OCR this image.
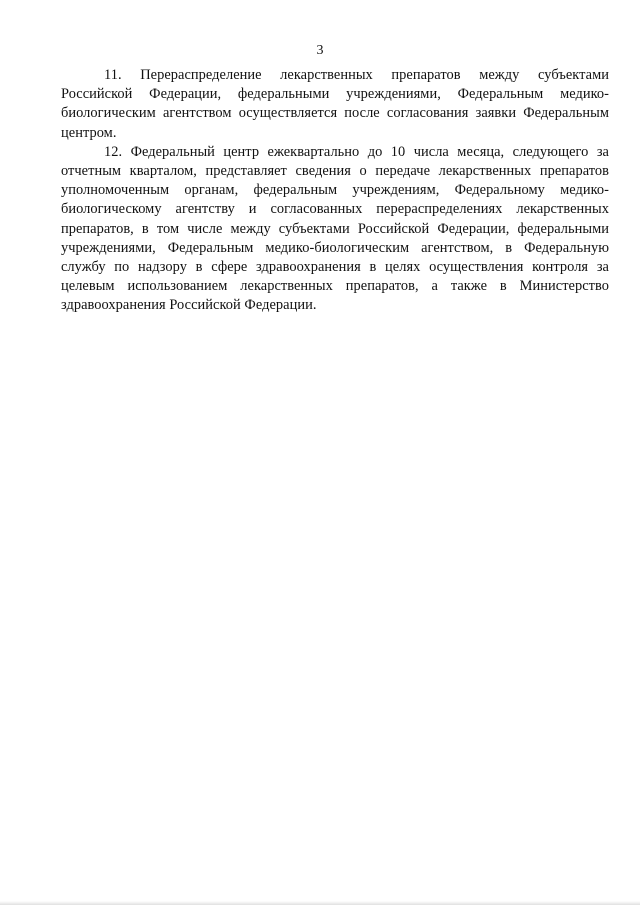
3

11. Перераспределение лекарственных препаратов между субъектами Российской Федерации, федеральными учреждениями, Федеральным медико-биологическим агентством осуществляется после согласования заявки Федеральным центром.

12. Федеральный центр ежеквартально до 10 числа месяца, следующего за отчетным кварталом, представляет сведения о передаче лекарственных препаратов уполномоченным органам, федеральным учреждениям, Федеральному медико-биологическому агентству и согласованных перераспределениях лекарственных препаратов, в том числе между субъектами Российской Федерации, федеральными учреждениями, Федеральным медико-биологическим агентством, в Федеральную службу по надзору в сфере здравоохранения в целях осуществления контроля за целевым использованием лекарственных препаратов, а также в Министерство здравоохранения Российской Федерации.
